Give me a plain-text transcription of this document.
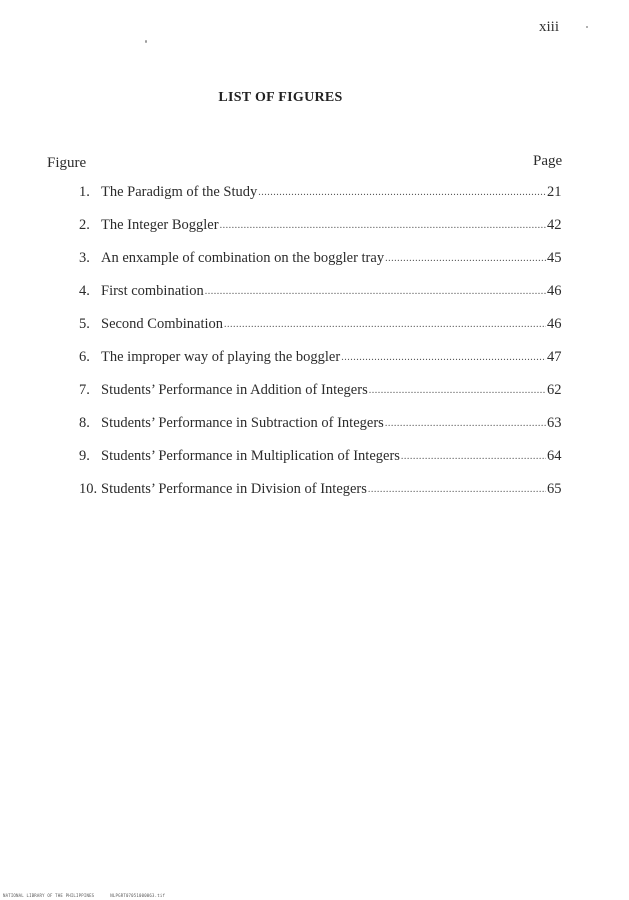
xiii
LIST OF FIGURES
Figure	Page
1. The Paradigm of the Study .....	21
2. The Integer Boggler .....	42
3. An enxample of combination on the boggler tray .....	45
4. First combination .....	46
5. Second Combination .....	46
6. The improper way of playing the boggler .....	47
7. Students’ Performance in Addition of Integers .....	62
8. Students’ Performance in Subtraction of Integers .....	63
9. Students’ Performance in Multiplication of Integers .....	64
10. Students’ Performance in Division of Integers .....	65
NATIONAL LIBRARY OF THE PHILIPPINES	NLPGRT07051000063.tif
